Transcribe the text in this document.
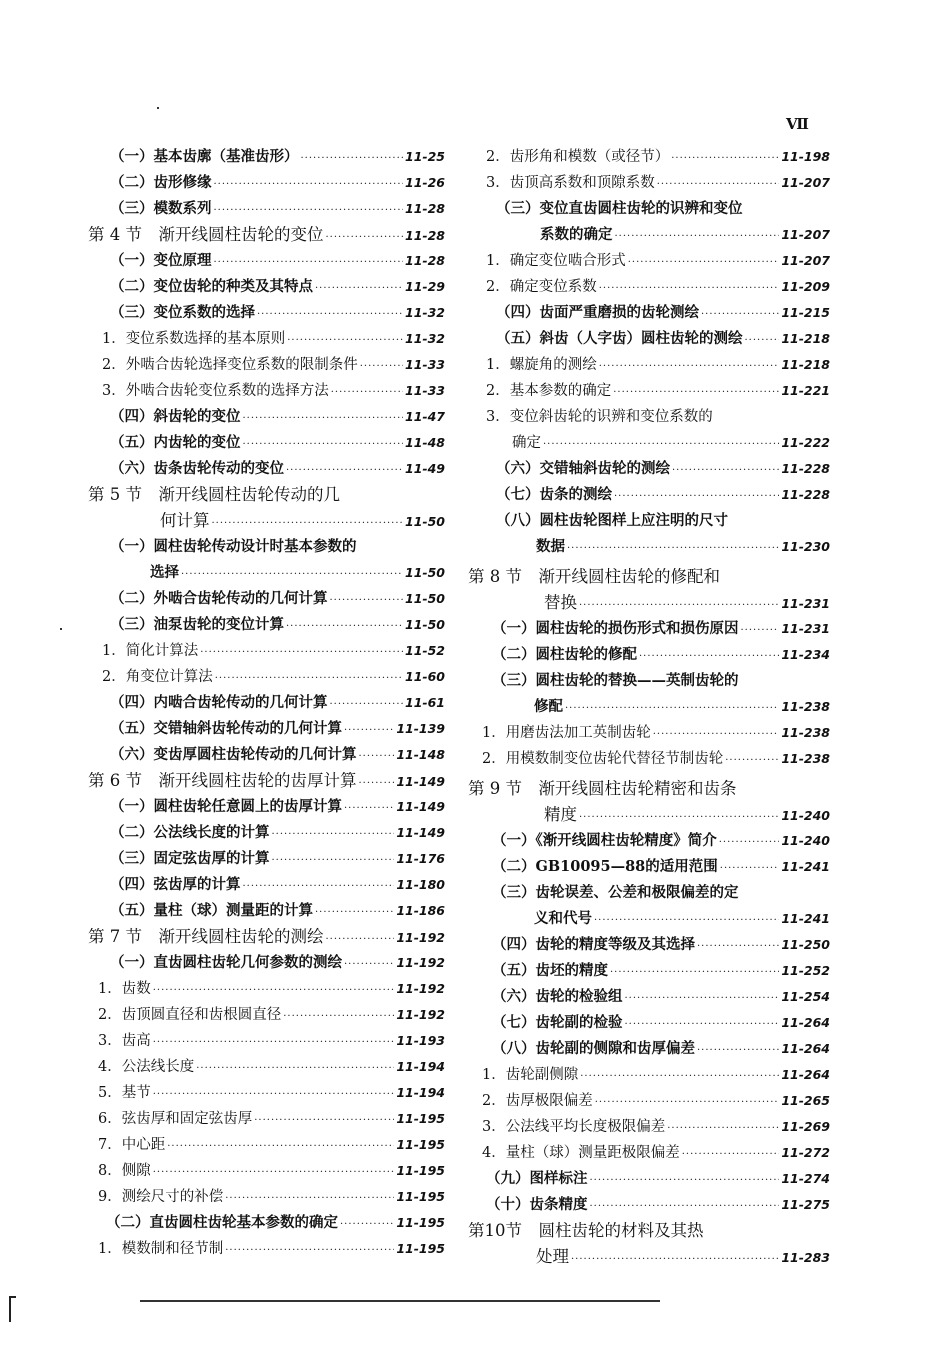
Ⅶ
（一）基本齿廓（基准齿形） ·····	11-25
（二）齿形修缘 ·····	11-26
（三）模数系列 ·····	11-28
第 4 节　渐开线圆柱齿轮的变位 ·····	11-28
（一）变位原理 ·····	11-28
（二）变位齿轮的种类及其特点 ·····	11-29
（三）变位系数的选择 ·····	11-32
1．变位系数选择的基本原则 ·····	11-32
2．外啮合齿轮选择变位系数的限制条件 ·····	11-33
3．外啮合齿轮变位系数的选择方法 ·····	11-33
（四）斜齿轮的变位 ·····	11-47
（五）内齿轮的变位 ·····	11-48
（六）齿条齿轮传动的变位 ·····	11-49
第 5 节　渐开线圆柱齿轮传动的几
何计算 ·····	11-50
（一）圆柱齿轮传动设计时基本参数的
选择 ·····	11-50
（二）外啮合齿轮传动的几何计算 ·····	11-50
（三）油泵齿轮的变位计算 ·····	11-50
1．简化计算法 ·····	11-52
2．角变位计算法 ·····	11-60
（四）内啮合齿轮传动的几何计算 ·····	11-61
（五）交错轴斜齿轮传动的几何计算 ·····	11-139
（六）变齿厚圆柱齿轮传动的几何计算 ·····	11-148
第 6 节　渐开线圆柱齿轮的齿厚计算 ·····	11-149
（一）圆柱齿轮任意圆上的齿厚计算 ·····	11-149
（二）公法线长度的计算 ·····	11-149
（三）固定弦齿厚的计算 ·····	11-176
（四）弦齿厚的计算 ·····	11-180
（五）量柱（球）测量距的计算 ·····	11-186
第 7 节　渐开线圆柱齿轮的测绘 ·····	11-192
（一）直齿圆柱齿轮几何参数的测绘 ·····	11-192
1．齿数 ·····	11-192
2．齿顶圆直径和齿根圆直径 ·····	11-192
3．齿高 ·····	11-193
4．公法线长度 ·····	11-194
5．基节 ·····	11-194
6．弦齿厚和固定弦齿厚 ·····	11-195
7．中心距 ·····	11-195
8．侧隙 ·····	11-195
9．测绘尺寸的补偿 ·····	11-195
（二）直齿圆柱齿轮基本参数的确定 ·····	11-195
1．模数制和径节制 ·····	11-195
2．齿形角和模数（或径节） ·····	11-198
3．齿顶高系数和顶隙系数 ·····	11-207
（三）变位直齿圆柱齿轮的识辨和变位
系数的确定 ·····	11-207
1．确定变位啮合形式 ·····	11-207
2．确定变位系数 ·····	11-209
（四）齿面严重磨损的齿轮测绘 ·····	11-215
（五）斜齿（人字齿）圆柱齿轮的测绘 ·····	11-218
1．螺旋角的测绘 ·····	11-218
2．基本参数的确定 ·····	11-221
3．变位斜齿轮的识辨和变位系数的
确定 ·····	11-222
（六）交错轴斜齿轮的测绘 ·····	11-228
（七）齿条的测绘 ·····	11-228
（八）圆柱齿轮图样上应注明的尺寸
数据 ·····	11-230
第 8 节　渐开线圆柱齿轮的修配和
替换 ·····	11-231
（一）圆柱齿轮的损伤形式和损伤原因 ·····	11-231
（二）圆柱齿轮的修配 ·····	11-234
（三）圆柱齿轮的替换——英制齿轮的
修配 ·····	11-238
1．用磨齿法加工英制齿轮 ·····	11-238
2．用模数制变位齿轮代替径节制齿轮 ·····	11-238
第 9 节　渐开线圆柱齿轮精密和齿条
精度 ·····	11-240
（一）《渐开线圆柱齿轮精度》简介 ·····	11-240
（二）GB10095—88的适用范围 ·····	11-241
（三）齿轮误差、公差和极限偏差的定
义和代号 ·····	11-241
（四）齿轮的精度等级及其选择 ·····	11-250
（五）齿坯的精度 ·····	11-252
（六）齿轮的检验组 ·····	11-254
（七）齿轮副的检验 ·····	11-264
（八）齿轮副的侧隙和齿厚偏差 ·····	11-264
1．齿轮副侧隙 ·····	11-264
2．齿厚极限偏差 ·····	11-265
3．公法线平均长度极限偏差 ·····	11-269
4．量柱（球）测量距极限偏差 ·····	11-272
（九）图样标注 ·····	11-274
（十）齿条精度 ·····	11-275
第10节　圆柱齿轮的材料及其热
处理 ·····	11-283
